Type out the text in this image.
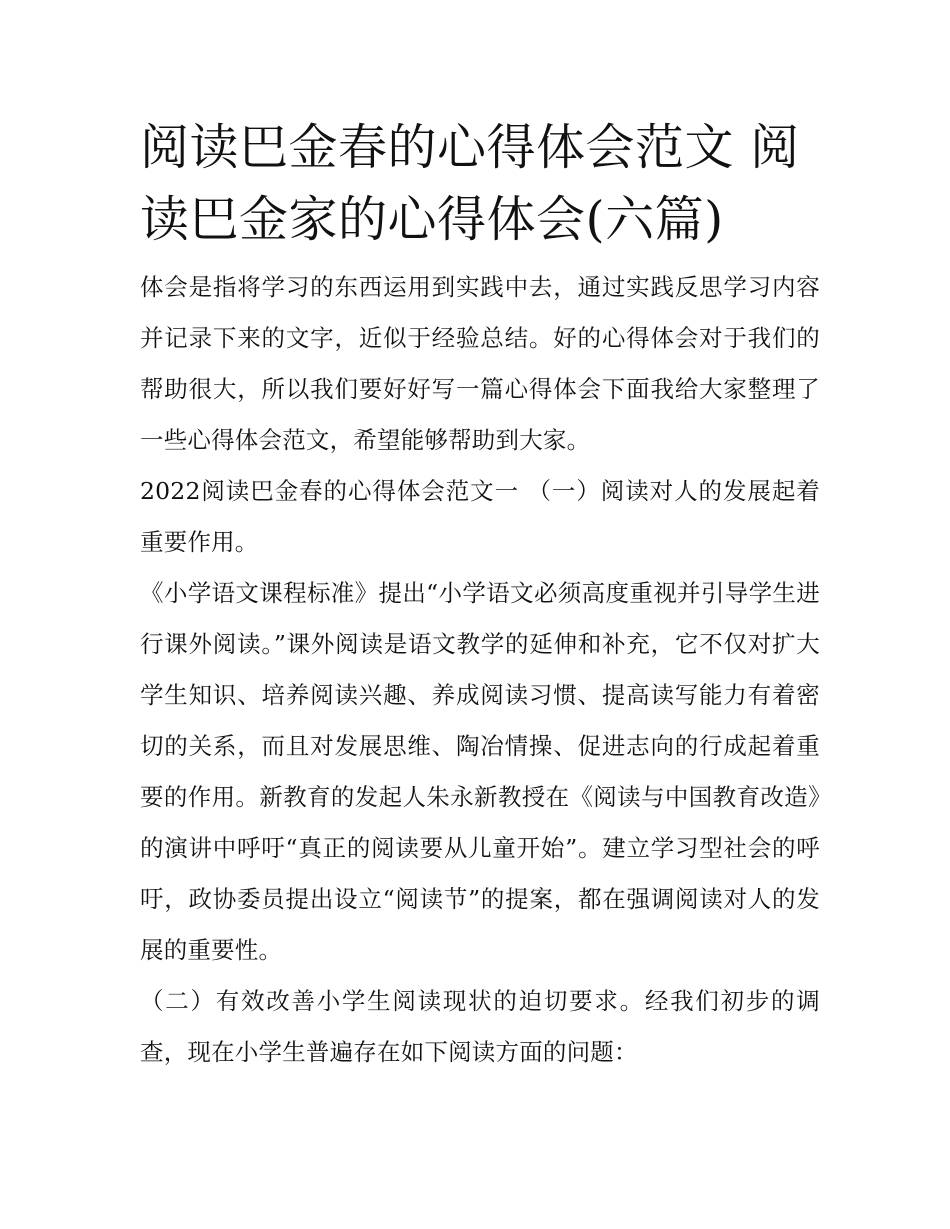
阅读巴金春的心得体会范文 阅读巴金家的心得体会(六篇)

体会是指将学习的东西运用到实践中去，通过实践反思学习内容并记录下来的文字，近似于经验总结。好的心得体会对于我们的帮助很大，所以我们要好好写一篇心得体会下面我给大家整理了一些心得体会范文，希望能够帮助到大家。

2022阅读巴金春的心得体会范文一 （一）阅读对人的发展起着重要作用。

《小学语文课程标准》提出“小学语文必须高度重视并引导学生进行课外阅读。”课外阅读是语文教学的延伸和补充，它不仅对扩大学生知识、培养阅读兴趣、养成阅读习惯、提高读写能力有着密切的关系，而且对发展思维、陶冶情操、促进志向的行成起着重要的作用。新教育的发起人朱永新教授在《阅读与中国教育改造》的演讲中呼吁“真正的阅读要从儿童开始”。建立学习型社会的呼吁，政协委员提出设立“阅读节”的提案，都在强调阅读对人的发展的重要性。

（二）有效改善小学生阅读现状的迫切要求。经我们初步的调查，现在小学生普遍存在如下阅读方面的问题：
